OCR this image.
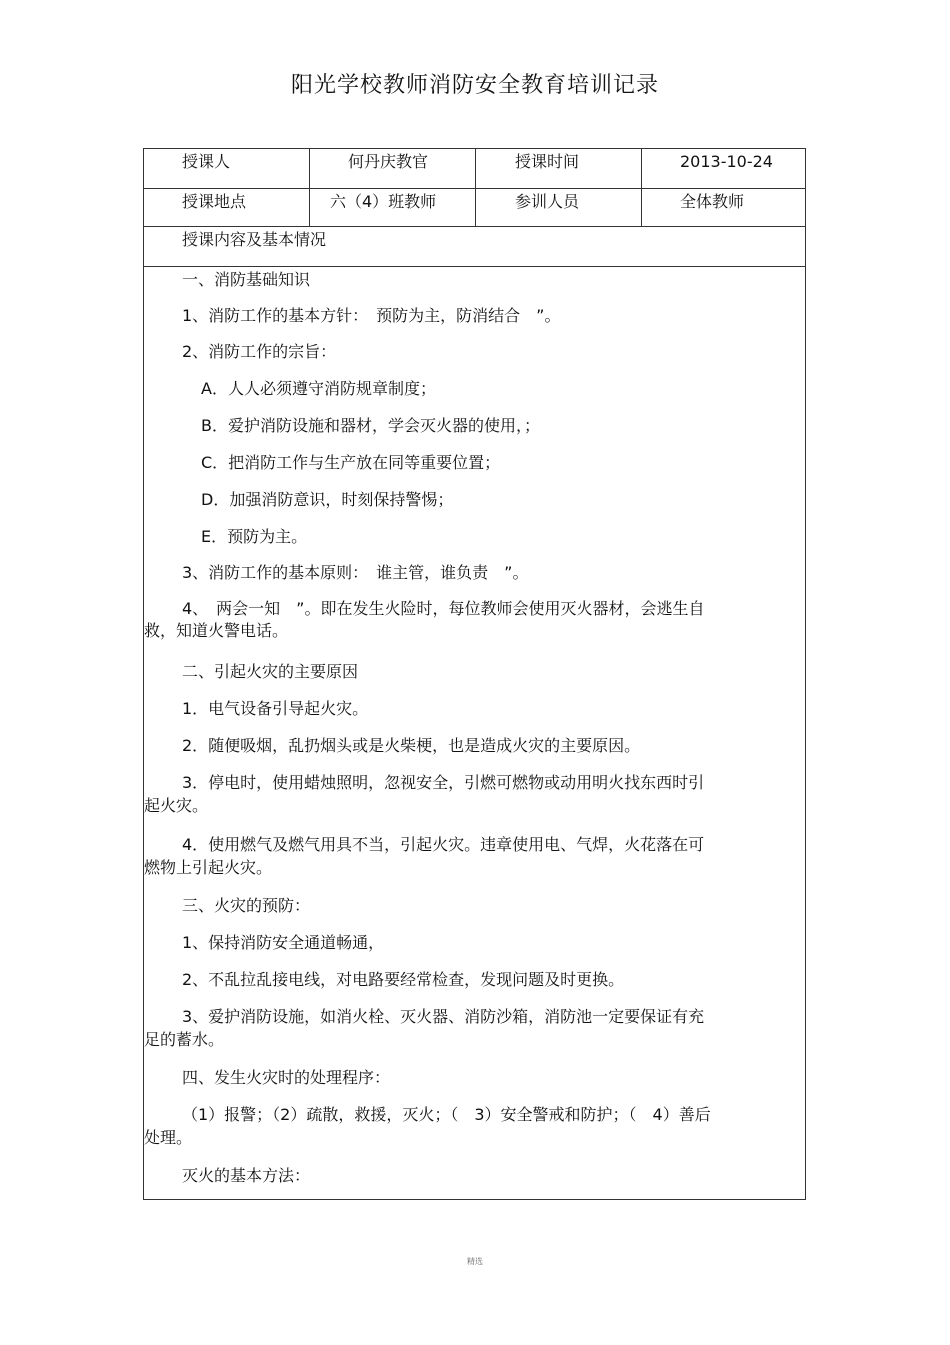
阳光学校教师消防安全教育培训记录
授课人	何丹庆教官	授课时间	2013-10-24
授课地点	六（4）班教师	参训人员	全体教师
授课内容及基本情况
一、消防基础知识
1、消防工作的基本方针：　预防为主，防消结合　”。
2、消防工作的宗旨：
A．人人必须遵守消防规章制度；
B．爱护消防设施和器材，学会灭火器的使用，；
C．把消防工作与生产放在同等重要位置；
D．加强消防意识，时刻保持警惕；
E．预防为主。
3、消防工作的基本原则：　谁主管，谁负责　”。
4、　两会一知　”。即在发生火险时，每位教师会使用灭火器材，会逃生自
救，知道火警电话。
二、引起火灾的主要原因
1．电气设备引导起火灾。
2．随便吸烟，乱扔烟头或是火柴梗，也是造成火灾的主要原因。
3．停电时，使用蜡烛照明，忽视安全，引燃可燃物或动用明火找东西时引
起火灾。
4．使用燃气及燃气用具不当，引起火灾。违章使用电、气焊，火花落在可
燃物上引起火灾。
三、火灾的预防：
1、保持消防安全通道畅通，
2、不乱拉乱接电线，对电路要经常检查，发现问题及时更换。
3、爱护消防设施，如消火栓、灭火器、消防沙箱，消防池一定要保证有充
足的蓄水。
四、发生火灾时的处理程序：
（1）报警；（2）疏散，救援，灭火；（　3）安全警戒和防护；（　4）善后
处理。
灭火的基本方法：
精选
